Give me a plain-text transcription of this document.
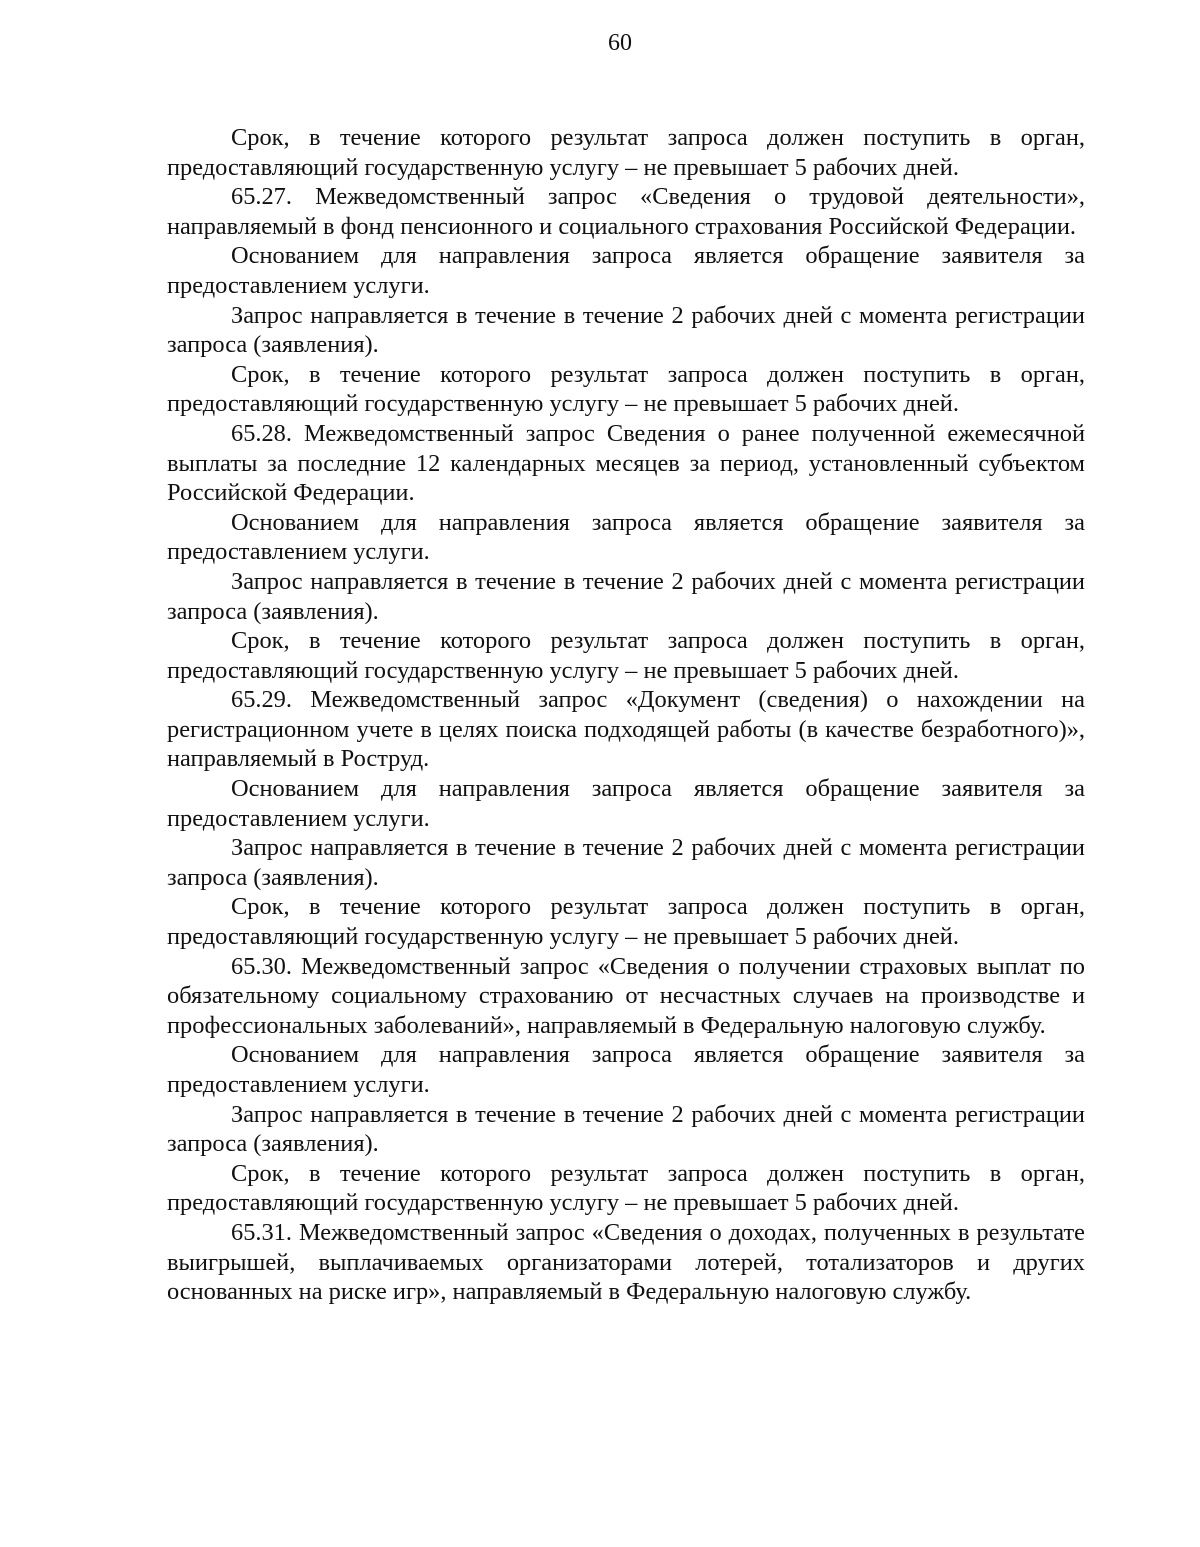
60

Срок, в течение которого результат запроса должен поступить в орган, предоставляющий государственную услугу – не превышает 5 рабочих дней.

65.27. Межведомственный запрос «Сведения о трудовой деятельности», направляемый в фонд пенсионного и социального страхования Российской Федерации.

Основанием для направления запроса является обращение заявителя за предоставлением услуги.

Запрос направляется в течение в течение 2 рабочих дней с момента регистрации запроса (заявления).

Срок, в течение которого результат запроса должен поступить в орган, предоставляющий государственную услугу – не превышает 5 рабочих дней.

65.28. Межведомственный запрос Сведения о ранее полученной ежемесячной выплаты за последние 12 календарных месяцев за период, установленный субъектом Российской Федерации.

Основанием для направления запроса является обращение заявителя за предоставлением услуги.

Запрос направляется в течение в течение 2 рабочих дней с момента регистрации запроса (заявления).

Срок, в течение которого результат запроса должен поступить в орган, предоставляющий государственную услугу – не превышает 5 рабочих дней.

65.29. Межведомственный запрос «Документ (сведения) о нахождении на регистрационном учете в целях поиска подходящей работы (в качестве безработного)», направляемый в Роструд.

Основанием для направления запроса является обращение заявителя за предоставлением услуги.

Запрос направляется в течение в течение 2 рабочих дней с момента регистрации запроса (заявления).

Срок, в течение которого результат запроса должен поступить в орган, предоставляющий государственную услугу – не превышает 5 рабочих дней.

65.30. Межведомственный запрос «Сведения о получении страховых выплат по обязательному социальному страхованию от несчастных случаев на производстве и профессиональных заболеваний», направляемый в Федеральную налоговую службу.

Основанием для направления запроса является обращение заявителя за предоставлением услуги.

Запрос направляется в течение в течение 2 рабочих дней с момента регистрации запроса (заявления).

Срок, в течение которого результат запроса должен поступить в орган, предоставляющий государственную услугу – не превышает 5 рабочих дней.

65.31. Межведомственный запрос «Сведения о доходах, полученных в результате выигрышей, выплачиваемых организаторами лотерей, тотализаторов и других основанных на риске игр», направляемый в Федеральную налоговую службу.
